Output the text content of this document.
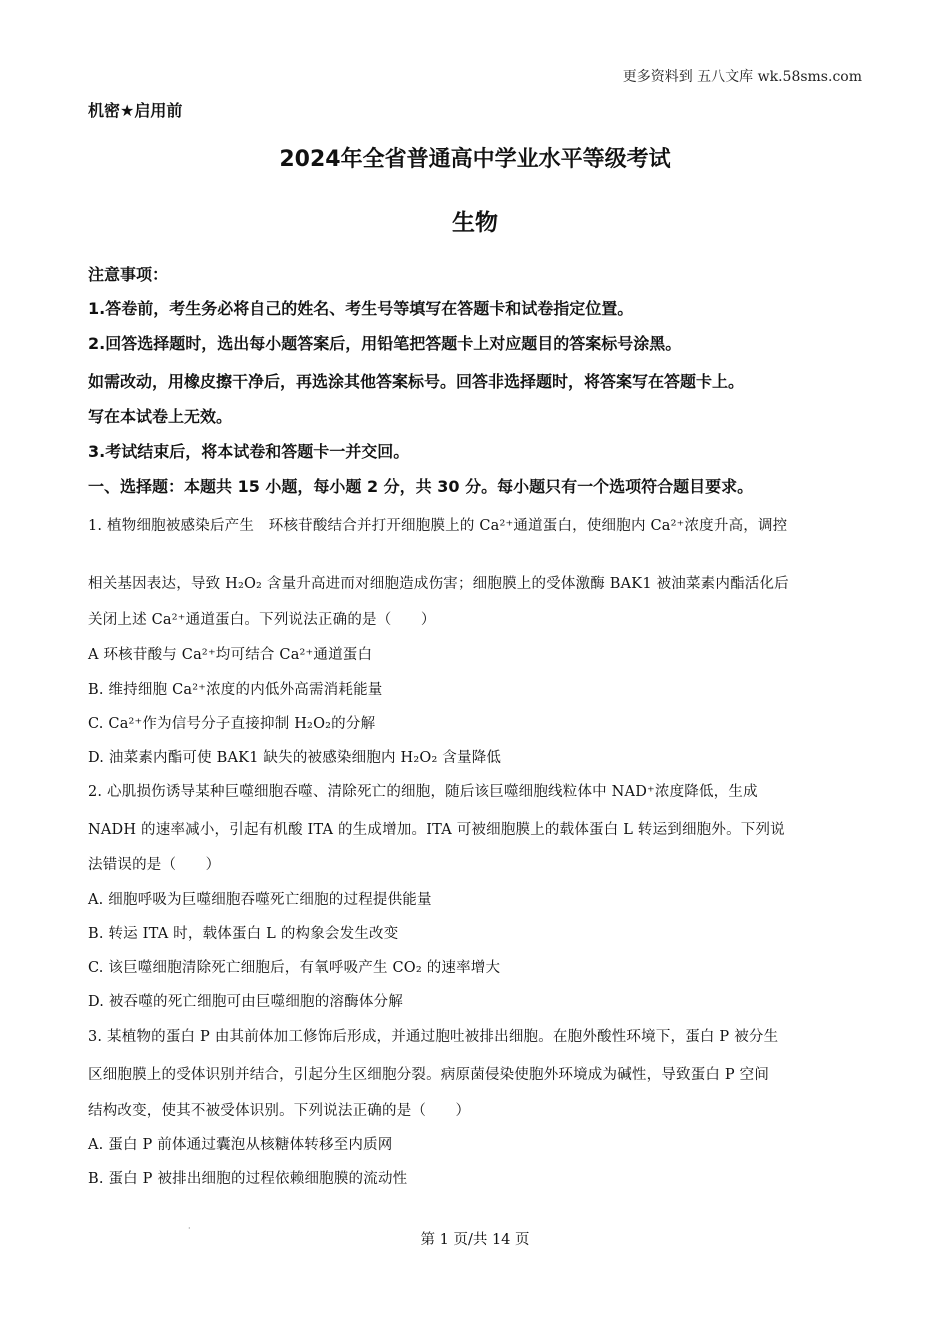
更多资料到 五八文库 wk.58sms.com
机密★启用前
2024年全省普通高中学业水平等级考试
生物
注意事项：
1.答卷前，考生务必将自己的姓名、考生号等填写在答题卡和试卷指定位置。
2.回答选择题时，选出每小题答案后，用铅笔把答题卡上对应题目的答案标号涂黑。
如需改动，用橡皮擦干净后，再选涂其他答案标号。回答非选择题时，将答案写在答题卡上。
写在本试卷上无效。
3.考试结束后，将本试卷和答题卡一并交回。
一、选择题：本题共 15 小题，每小题 2 分，共 30 分。每小题只有一个选项符合题目要求。
1. 植物细胞被感染后产生　环核苷酸结合并打开细胞膜上的 Ca²⁺通道蛋白，使细胞内 Ca²⁺浓度升高，调控
相关基因表达，导致 H₂O₂ 含量升高进而对细胞造成伤害；细胞膜上的受体激酶 BAK1 被油菜素内酯活化后
关闭上述 Ca²⁺通道蛋白。下列说法正确的是（　　）
A 环核苷酸与 Ca²⁺均可结合 Ca²⁺通道蛋白
B. 维持细胞 Ca²⁺浓度的内低外高需消耗能量
C. Ca²⁺作为信号分子直接抑制 H₂O₂的分解
D. 油菜素内酯可使 BAK1 缺失的被感染细胞内 H₂O₂ 含量降低
2. 心肌损伤诱导某种巨噬细胞吞噬、清除死亡的细胞，随后该巨噬细胞线粒体中 NAD⁺浓度降低，生成
NADH 的速率减小，引起有机酸 ITA 的生成增加。ITA 可被细胞膜上的载体蛋白 L 转运到细胞外。下列说
法错误的是（　　）
A. 细胞呼吸为巨噬细胞吞噬死亡细胞的过程提供能量
B. 转运 ITA 时，载体蛋白 L 的构象会发生改变
C. 该巨噬细胞清除死亡细胞后，有氧呼吸产生 CO₂ 的速率增大
D. 被吞噬的死亡细胞可由巨噬细胞的溶酶体分解
3. 某植物的蛋白 P 由其前体加工修饰后形成，并通过胞吐被排出细胞。在胞外酸性环境下，蛋白 P 被分生
区细胞膜上的受体识别并结合，引起分生区细胞分裂。病原菌侵染使胞外环境成为碱性，导致蛋白 P 空间
结构改变，使其不被受体识别。下列说法正确的是（　　）
A. 蛋白 P 前体通过囊泡从核糖体转移至内质网
B. 蛋白 P 被排出细胞的过程依赖细胞膜的流动性
·
第 1 页/共 14 页
